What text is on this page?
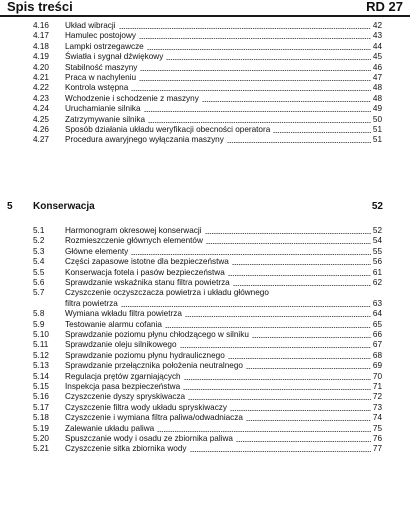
Spis treści	RD 27
4.16 Układ wibracji	42
4.17 Hamulec postojowy	43
4.18 Lampki ostrzegawcze	44
4.19 Światła i sygnał dźwiękowy	45
4.20 Stabilność maszyny	46
4.21 Praca w nachyleniu	47
4.22 Kontrola wstępna	48
4.23 Wchodzenie i schodzenie z maszyny	48
4.24 Uruchamianie silnika	49
4.25 Zatrzymywanie silnika	50
4.26 Sposób działania układu weryfikacji obecności operatora	51
4.27 Procedura awaryjnego wyłączania maszyny	51
5 Konserwacja	52
5.1	Harmonogram okresowej konserwacji	52
5.2	Rozmieszczenie głównych elementów	54
5.3	Główne elementy	55
5.4	Części zapasowe istotne dla bezpieczeństwa	56
5.5	Konserwacja fotela i pasów bezpieczeństwa	61
5.6	Sprawdzanie wskaźnika stanu filtra powietrza	62
5.7	Czyszczenie oczyszczacza powietrza i układu głównego
filtra powietrza	63
5.8	Wymiana wkładu filtra powietrza	64
5.9	Testowanie alarmu cofania	65
5.10 Sprawdzanie poziomu płynu chłodzącego w silniku	66
5.11 Sprawdzanie oleju silnikowego	67
5.12 Sprawdzanie poziomu płynu hydraulicznego	68
5.13 Sprawdzanie przełącznika położenia neutralnego	69
5.14 Regulacja prętów zgarniających	70
5.15 Inspekcja pasa bezpieczeństwa	71
5.16 Czyszczenie dyszy spryskiwacza	72
5.17 Czyszczenie filtra wody układu spryskiwaczy	73
5.18 Czyszczenie i wymiana filtra paliwa/odwadniacza	74
5.19 Zalewanie układu paliwa	75
5.20 Spuszczanie wody i osadu ze zbiornika paliwa	76
5.21 Czyszczenie sitka zbiornika wody	77
